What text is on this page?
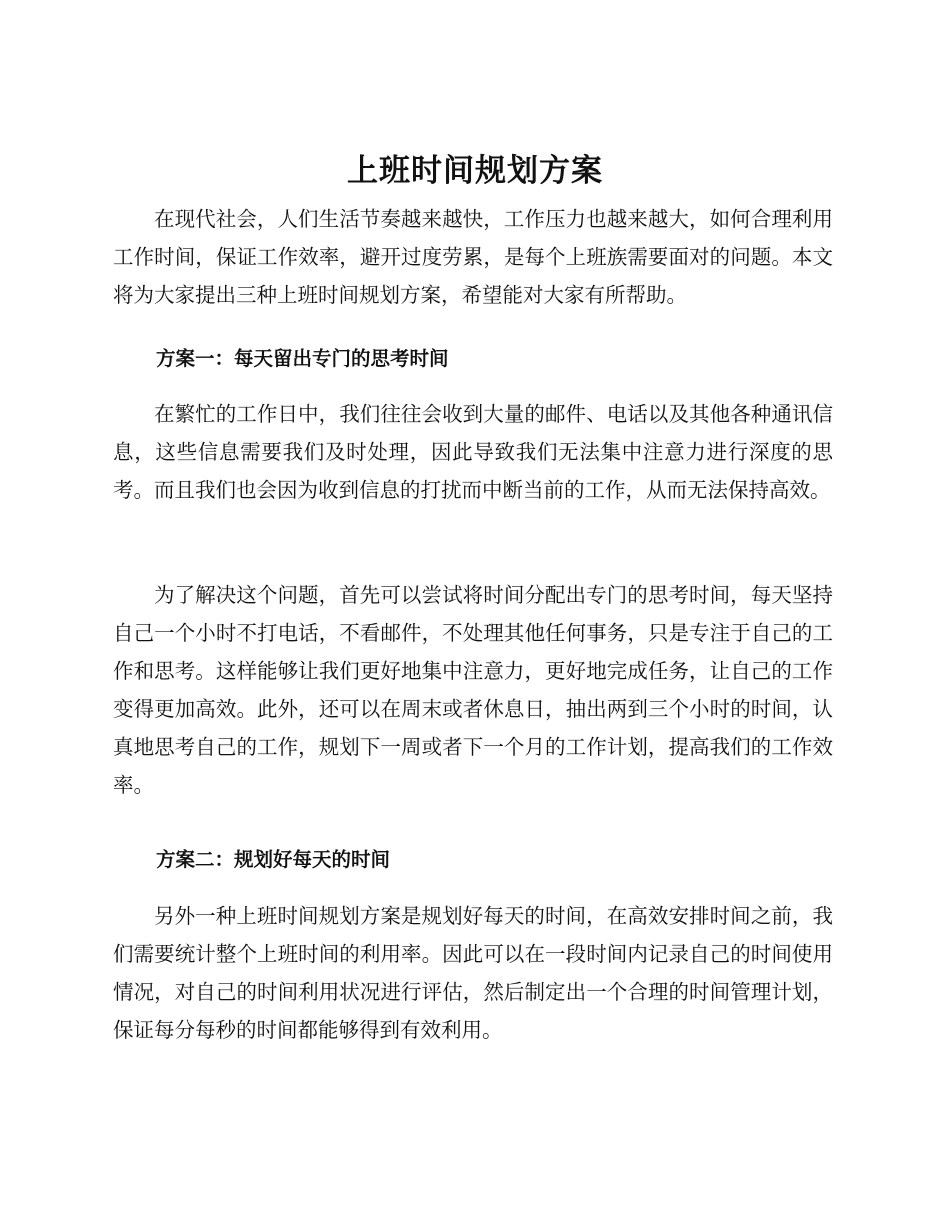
上班时间规划方案

在现代社会，人们生活节奏越来越快，工作压力也越来越大，如何合理利用工作时间，保证工作效率，避开过度劳累，是每个上班族需要面对的问题。本文将为大家提出三种上班时间规划方案，希望能对大家有所帮助。

方案一：每天留出专门的思考时间

在繁忙的工作日中，我们往往会收到大量的邮件、电话以及其他各种通讯信息，这些信息需要我们及时处理，因此导致我们无法集中注意力进行深度的思考。而且我们也会因为收到信息的打扰而中断当前的工作，从而无法保持高效。

为了解决这个问题，首先可以尝试将时间分配出专门的思考时间，每天坚持自己一个小时不打电话，不看邮件，不处理其他任何事务，只是专注于自己的工作和思考。这样能够让我们更好地集中注意力，更好地完成任务，让自己的工作变得更加高效。此外，还可以在周末或者休息日，抽出两到三个小时的时间，认真地思考自己的工作，规划下一周或者下一个月的工作计划，提高我们的工作效率。

方案二：规划好每天的时间

另外一种上班时间规划方案是规划好每天的时间，在高效安排时间之前，我们需要统计整个上班时间的利用率。因此可以在一段时间内记录自己的时间使用情况，对自己的时间利用状况进行评估，然后制定出一个合理的时间管理计划，保证每分每秒的时间都能够得到有效利用。
